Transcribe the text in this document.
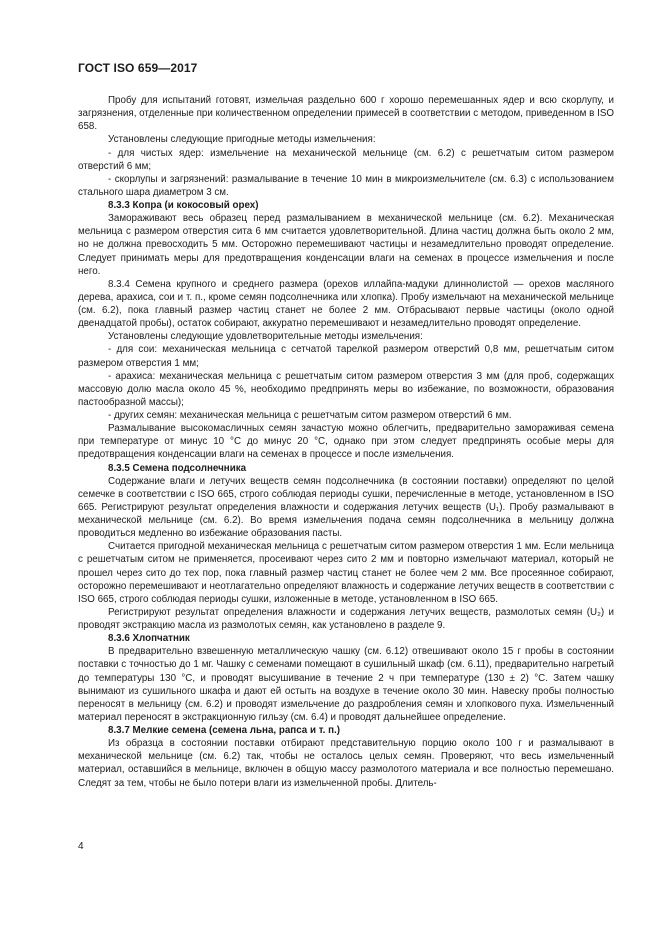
ГОСТ ISO 659—2017

Пробу для испытаний готовят, измельчая раздельно 600 г хорошо перемешанных ядер и всю скорлупу, и загрязнения, отделенные при количественном определении примесей в соответствии с методом, приведенном в ISO 658.

Установлены следующие пригодные методы измельчения:

- для чистых ядер: измельчение на механической мельнице (см. 6.2) с решетчатым ситом размером отверстий 6 мм;

- скорлупы и загрязнений: размалывание в течение 10 мин в микроизмельчителе (см. 6.3) с использованием стального шара диаметром 3 см.

8.3.3 Копра (и кокосовый орех)

Замораживают весь образец перед размалыванием в механической мельнице (см. 6.2). Механическая мельница с размером отверстия сита 6 мм считается удовлетворительной. Длина частиц должна быть около 2 мм, но не должна превосходить 5 мм. Осторожно перемешивают частицы и незамедлительно проводят определение. Следует принимать меры для предотвращения конденсации влаги на семенах в процессе измельчения и после него.

8.3.4 Семена крупного и среднего размера (орехов иллайпа-мадуки длиннолистой — орехов масляного дерева, арахиса, сои и т. п., кроме семян подсолнечника или хлопка). Пробу измельчают на механической мельнице (см. 6.2), пока главный размер частиц станет не более 2 мм. Отбрасывают первые частицы (около одной двенадцатой пробы), остаток собирают, аккуратно перемешивают и незамедлительно проводят определение.

Установлены следующие удовлетворительные методы измельчения:

- для сои: механическая мельница с сетчатой тарелкой размером отверстий 0,8 мм, решетчатым ситом размером отверстия 1 мм;

- арахиса: механическая мельница с решетчатым ситом размером отверстия 3 мм (для проб, содержащих массовую долю масла около 45 %, необходимо предпринять меры во избежание, по возможности, образования пастообразной массы);

- других семян: механическая мельница с решетчатым ситом размером отверстий 6 мм.

Размалывание высокомасличных семян зачастую можно облегчить, предварительно замораживая семена при температуре от минус 10 °С до минус 20 °С, однако при этом следует предпринять особые меры для предотвращения конденсации влаги на семенах в процессе и после измельчения.

8.3.5 Семена подсолнечника

Содержание влаги и летучих веществ семян подсолнечника (в состоянии поставки) определяют по целой семечке в соответствии с ISO 665, строго соблюдая периоды сушки, перечисленные в методе, установленном в ISO 665. Регистрируют результат определения влажности и содержания летучих веществ (U₁). Пробу размалывают в механической мельнице (см. 6.2). Во время измельчения подача семян подсолнечника в мельницу должна проводиться медленно во избежание образования пасты.

Считается пригодной механическая мельница с решетчатым ситом размером отверстия 1 мм. Если мельница с решетчатым ситом не применяется, просеивают через сито 2 мм и повторно измельчают материал, который не прошел через сито до тех пор, пока главный размер частиц станет не более чем 2 мм. Все просеянное собирают, осторожно перемешивают и неотлагательно определяют влажность и содержание летучих веществ в соответствии с ISO 665, строго соблюдая периоды сушки, изложенные в методе, установленном в ISO 665.

Регистрируют результат определения влажности и содержания летучих веществ, размолотых семян (U₂) и проводят экстракцию масла из размолотых семян, как установлено в разделе 9.

8.3.6 Хлопчатник

В предварительно взвешенную металлическую чашку (см. 6.12) отвешивают около 15 г пробы в состоянии поставки с точностью до 1 мг. Чашку с семенами помещают в сушильный шкаф (см. 6.11), предварительно нагретый до температуры 130 °С, и проводят высушивание в течение 2 ч при температуре (130 ± 2) °С. Затем чашку вынимают из сушильного шкафа и дают ей остыть на воздухе в течение около 30 мин. Навеску пробы полностью переносят в мельницу (см. 6.2) и проводят измельчение до раздробления семян и хлопкового пуха. Измельченный материал переносят в экстракционную гильзу (см. 6.4) и проводят дальнейшее определение.

8.3.7 Мелкие семена (семена льна, рапса и т. п.)

Из образца в состоянии поставки отбирают представительную порцию около 100 г и размалывают в механической мельнице (см. 6.2) так, чтобы не осталось целых семян. Проверяют, что весь измельченный материал, оставшийся в мельнице, включен в общую массу размолотого материала и все полностью перемешано. Следят за тем, чтобы не было потери влаги из измельченной пробы. Длитель-

4
